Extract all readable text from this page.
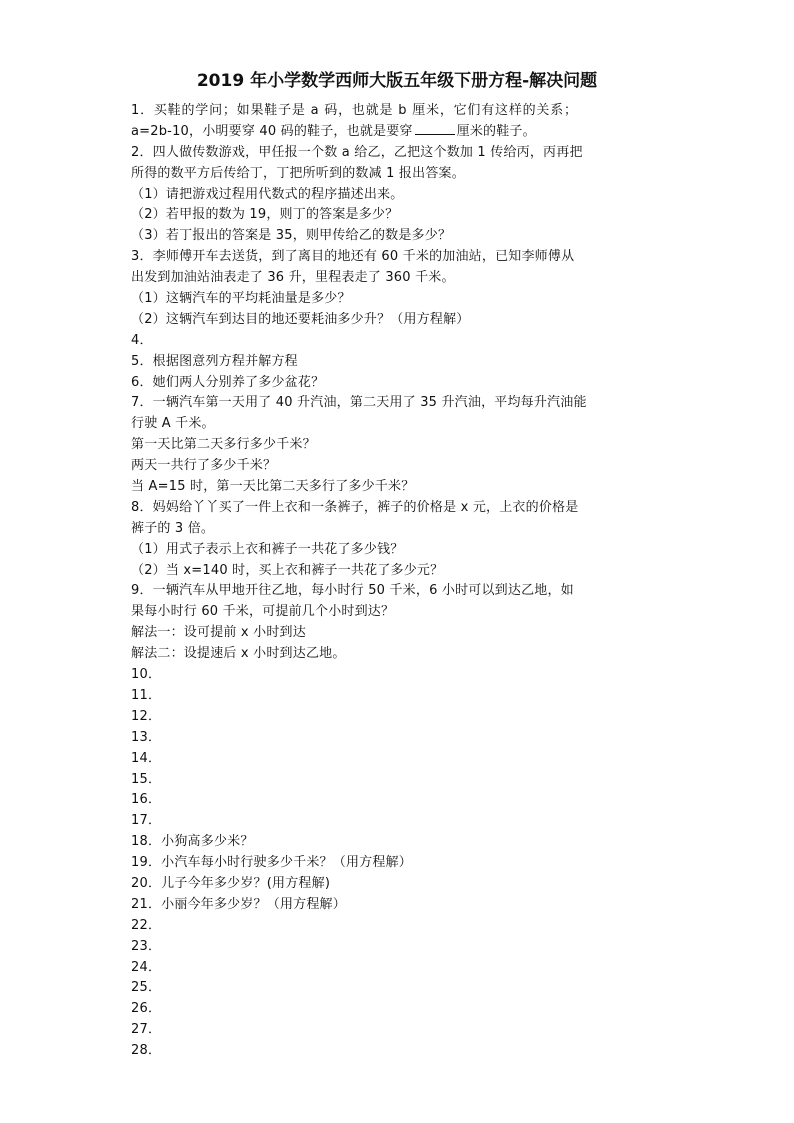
2019 年小学数学西师大版五年级下册方程-解决问题
1．买鞋的学问；如果鞋子是 a 码，也就是 b 厘米，它们有这样的关系；
a=2b-10，小明要穿 40 码的鞋子，也就是要穿	厘米的鞋子。
2．四人做传数游戏，甲任报一个数 a 给乙，乙把这个数加 1 传给丙，丙再把
所得的数平方后传给丁，丁把所听到的数减 1 报出答案。
（1）请把游戏过程用代数式的程序描述出来。
（2）若甲报的数为 19，则丁的答案是多少？
（3）若丁报出的答案是 35，则甲传给乙的数是多少？
3．李师傅开车去送货，到了离目的地还有 60 千米的加油站，已知李师傅从
出发到加油站油表走了 36 升，里程表走了 360 千米。
（1）这辆汽车的平均耗油量是多少？
（2）这辆汽车到达目的地还要耗油多少升？（用方程解）
4．
5．根据图意列方程并解方程
6．她们两人分别养了多少盆花？
7．一辆汽车第一天用了 40 升汽油，第二天用了 35 升汽油，平均每升汽油能
行驶 A 千米。
第一天比第二天多行多少千米？
两天一共行了多少千米？
当 A=15 时，第一天比第二天多行了多少千米？
8．妈妈给丫丫买了一件上衣和一条裤子，裤子的价格是 x 元，上衣的价格是
裤子的 3 倍。
（1）用式子表示上衣和裤子一共花了多少钱？
（2）当 x=140 时，买上衣和裤子一共花了多少元？
9．一辆汽车从甲地开往乙地，每小时行 50 千米，6 小时可以到达乙地，如
果每小时行 60 千米，可提前几个小时到达？
解法一：设可提前 x 小时到达
解法二：设提速后 x 小时到达乙地。
10．
11．
12．
13．
14．
15．
16．
17．
18．小狗高多少米？
19．小汽车每小时行驶多少千米？（用方程解）
20．儿子今年多少岁？(用方程解)
21．小丽今年多少岁？（用方程解）
22．
23．
24．
25．
26．
27．
28．
